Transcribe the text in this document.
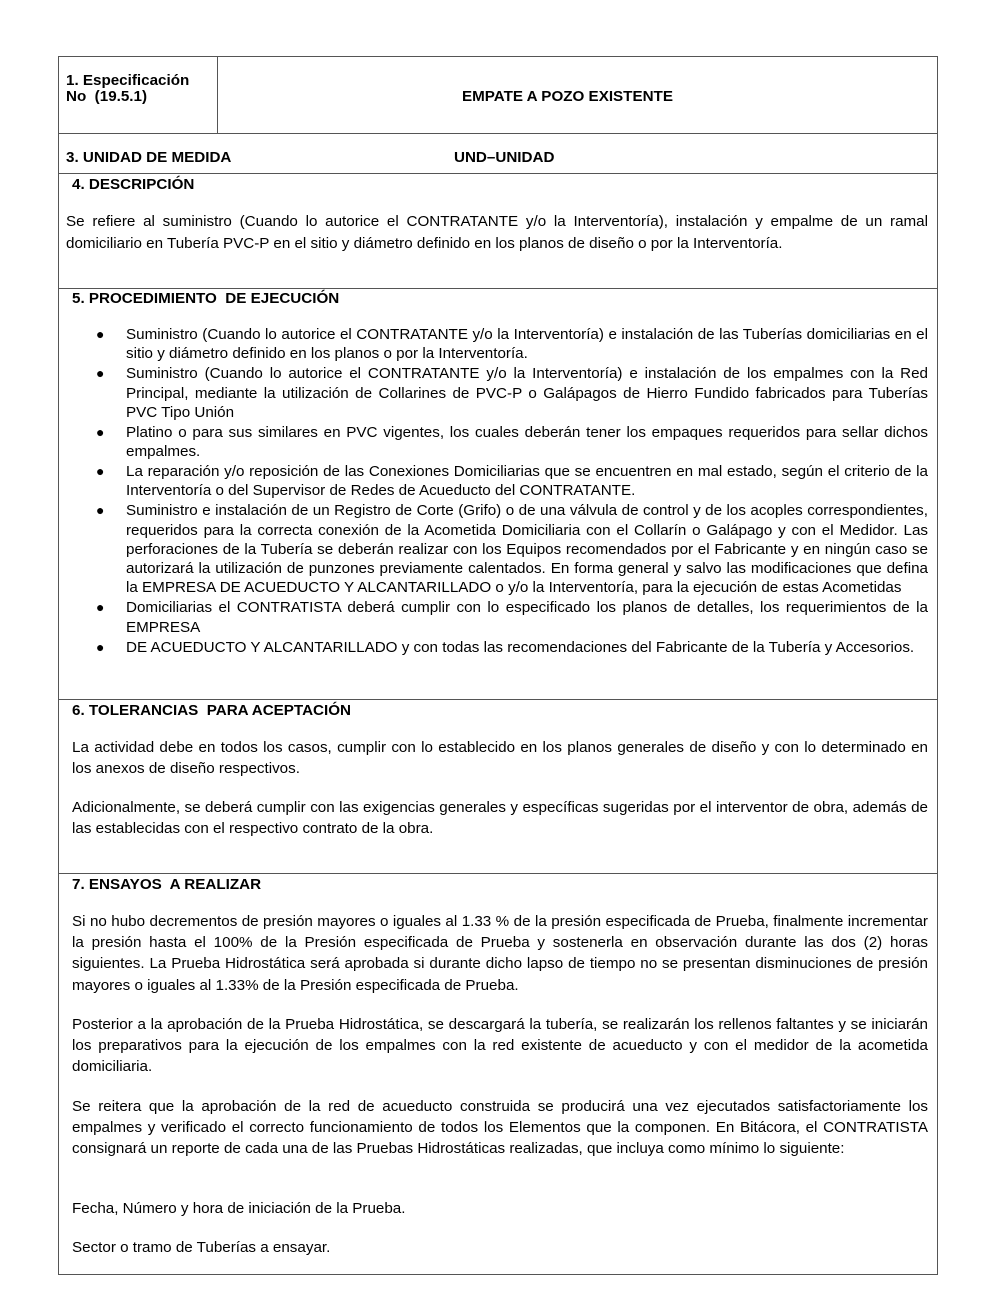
1. Especificación
No  (19.5.1)	EMPATE A POZO EXISTENTE
3. UNIDAD DE MEDIDA	UND–UNIDAD
4. DESCRIPCIÓN

Se refiere al suministro (Cuando lo autorice el CONTRATANTE y/o la Interventoría), instalación y empalme de un ramal domiciliario en Tubería PVC-P en el sitio y diámetro definido en los planos de diseño o por la Interventoría.

5. PROCEDIMIENTO  DE EJECUCIÓN
● Suministro (Cuando lo autorice el CONTRATANTE y/o la Interventoría) e instalación de las Tuberías domiciliarias en el sitio y diámetro definido en los planos o por la Interventoría.
● Suministro (Cuando lo autorice el CONTRATANTE y/o la Interventoría) e instalación de los empalmes con la Red Principal, mediante la utilización de Collarines de PVC-P o Galápagos de Hierro Fundido fabricados para Tuberías PVC Tipo Unión
● Platino o para sus similares en PVC vigentes, los cuales deberán tener los empaques requeridos para sellar dichos empalmes.
● La reparación y/o reposición de las Conexiones Domiciliarias que se encuentren en mal estado, según el criterio de la Interventoría o del Supervisor de Redes de Acueducto del CONTRATANTE.
● Suministro e instalación de un Registro de Corte (Grifo) o de una válvula de control y de los acoples correspondientes, requeridos para la correcta conexión de la Acometida Domiciliaria con el Collarín o Galápago y con el Medidor. Las perforaciones de la Tubería se deberán realizar con los Equipos recomendados por el Fabricante y en ningún caso se autorizará la utilización de punzones previamente calentados. En forma general y salvo las modificaciones que defina la EMPRESA DE ACUEDUCTO Y ALCANTARILLADO o y/o la Interventoría, para la ejecución de estas Acometidas
● Domiciliarias el CONTRATISTA deberá cumplir con lo especificado los planos de detalles, los requerimientos de la EMPRESA
● DE ACUEDUCTO Y ALCANTARILLADO y con todas las recomendaciones del Fabricante de la Tubería y Accesorios.
6. TOLERANCIAS  PARA ACEPTACIÓN

La actividad debe en todos los casos, cumplir con lo establecido en los planos generales de diseño y con lo determinado en los anexos de diseño respectivos.

Adicionalmente, se deberá cumplir con las exigencias generales y específicas sugeridas por el interventor de obra, además de las establecidas con el respectivo contrato de la obra.

7. ENSAYOS  A REALIZAR

Si no hubo decrementos de presión mayores o iguales al 1.33 % de la presión especificada de Prueba, finalmente incrementar la presión hasta el 100% de la Presión especificada de Prueba y sostenerla en observación durante las dos (2) horas siguientes. La Prueba Hidrostática será aprobada si durante dicho lapso de tiempo no se presentan disminuciones de presión mayores o iguales al 1.33% de la Presión especificada de Prueba.

Posterior a la aprobación de la Prueba Hidrostática, se descargará la tubería, se realizarán los rellenos faltantes y se iniciarán los preparativos para la ejecución de los empalmes con la red existente de acueducto y con el medidor de la acometida domiciliaria.

Se reitera que la aprobación de la red de acueducto construida se producirá una vez ejecutados satisfactoriamente los empalmes y verificado el correcto funcionamiento de todos los Elementos que la componen. En Bitácora, el CONTRATISTA consignará un reporte de cada una de las Pruebas Hidrostáticas realizadas, que incluya como mínimo lo siguiente:

Fecha, Número y hora de iniciación de la Prueba.

Sector o tramo de Tuberías a ensayar.
